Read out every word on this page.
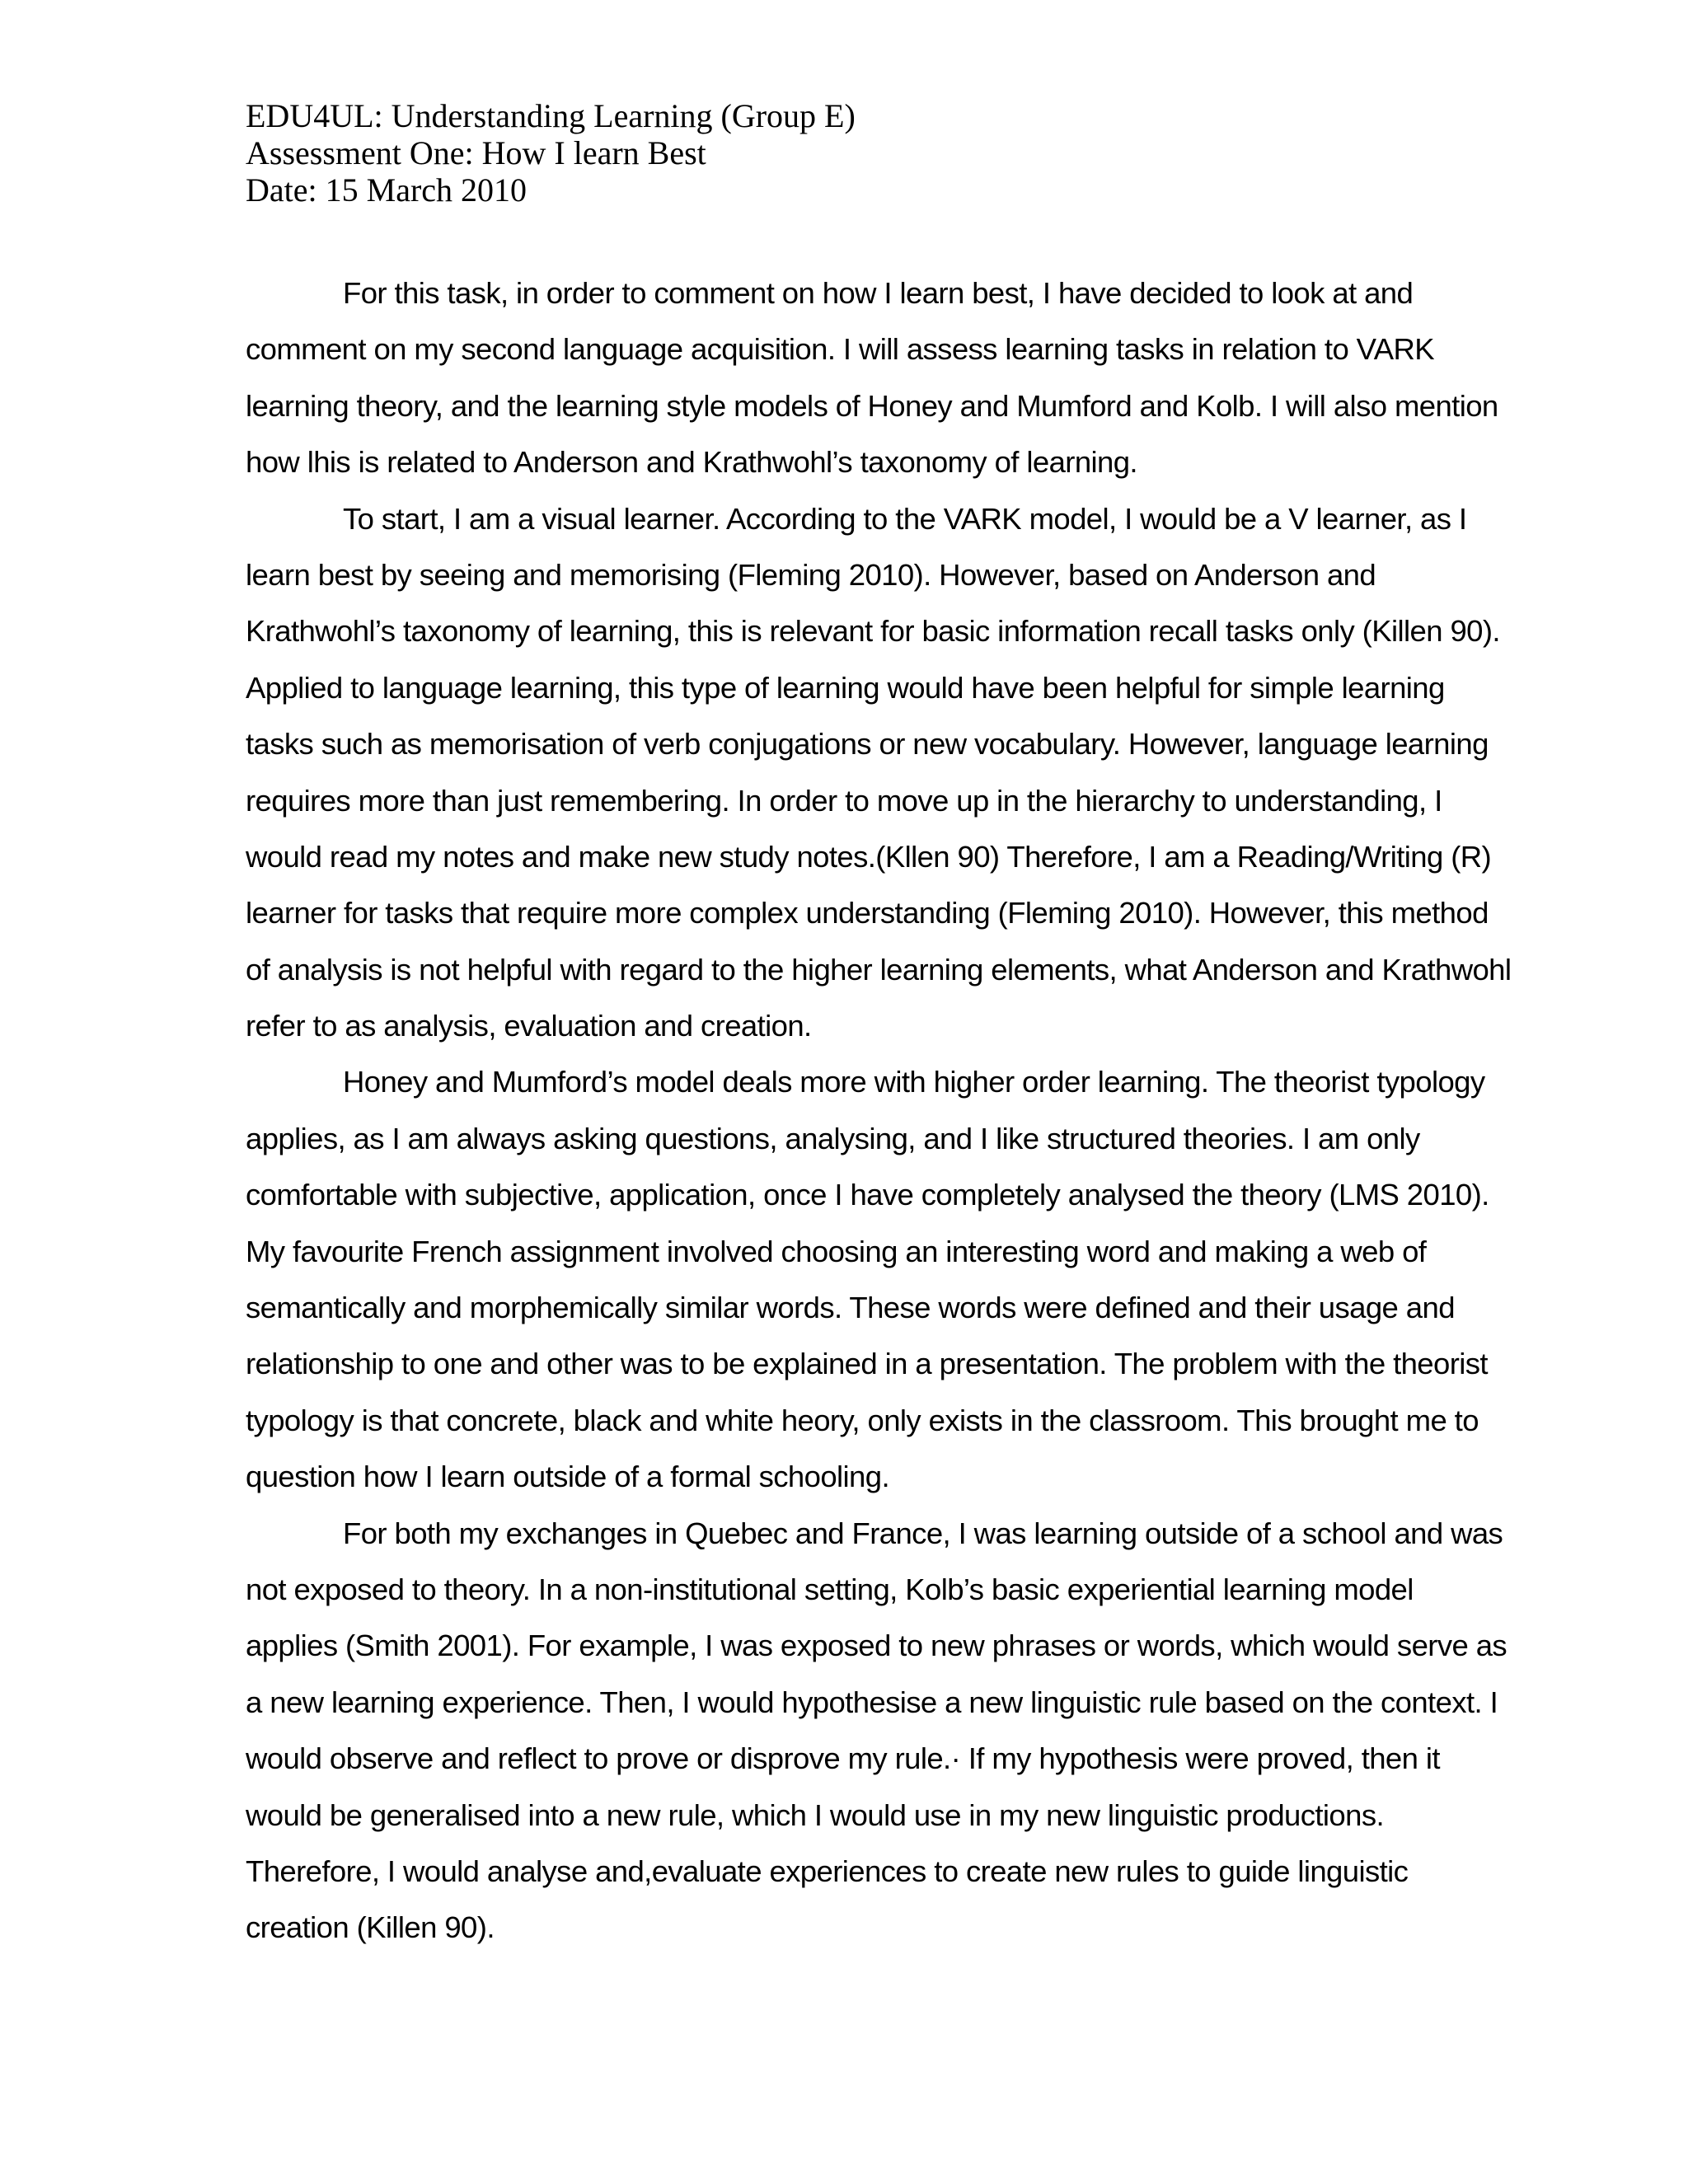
EDU4UL: Understanding Learning (Group E)
Assessment One: How I learn Best
Date: 15 March 2010
For this task, in order to comment on how I learn best, I have decided to look at and
comment on my second language acquisition. I will assess learning tasks in relation to VARK
learning theory, and the learning style models of Honey and Mumford and Kolb. I will also mention
how lhis is related to Anderson and Krathwohl’s taxonomy of learning.
To start, I am a visual learner. According to the VARK model, I would be a V learner, as I
learn best by seeing and memorising (Fleming 2010). However, based on Anderson and
Krathwohl’s taxonomy of learning, this is relevant for basic information recall tasks only (Killen 90).
Applied to language learning, this type of learning would have been helpful for simple learning
tasks such as memorisation of verb conjugations or new vocabulary. However, language learning
requires more than just remembering. In order to move up in the hierarchy to understanding, I
would read my notes and make new study notes.(Kllen 90) Therefore, I am a Reading/Writing (R)
learner for tasks that require more complex understanding (Fleming 2010). However, this method
of analysis is not helpful with regard to the higher learning elements, what Anderson and Krathwohl
refer to as analysis, evaluation and creation.
Honey and Mumford’s model deals more with higher order learning. The theorist typology
applies, as I am always asking questions, analysing, and I like structured theories. I am only
comfortable with subjective, application, once I have completely analysed the theory (LMS 2010).
My favourite French assignment involved choosing an interesting word and making a web of
semantically and morphemically similar words. These words were defined and their usage and
relationship to one and other was to be explained in a presentation. The problem with the theorist
typology is that concrete, black and white heory, only exists in the classroom. This brought me to
question how I learn outside of a formal schooling.
For both my exchanges in Quebec and France, I was learning outside of a school and was
not exposed to theory. In a non-institutional setting, Kolb’s basic experiential learning model
applies (Smith 2001). For example, I was exposed to new phrases or words, which would serve as
a new learning experience. Then, I would hypothesise a new linguistic rule based on the context. I
would observe and reflect to prove or disprove my rule.· If my hypothesis were proved, then it
would be generalised into a new rule, which I would use in my new linguistic productions.
Therefore, I would analyse and,evaluate experiences to create new rules to guide linguistic
creation (Killen 90).
